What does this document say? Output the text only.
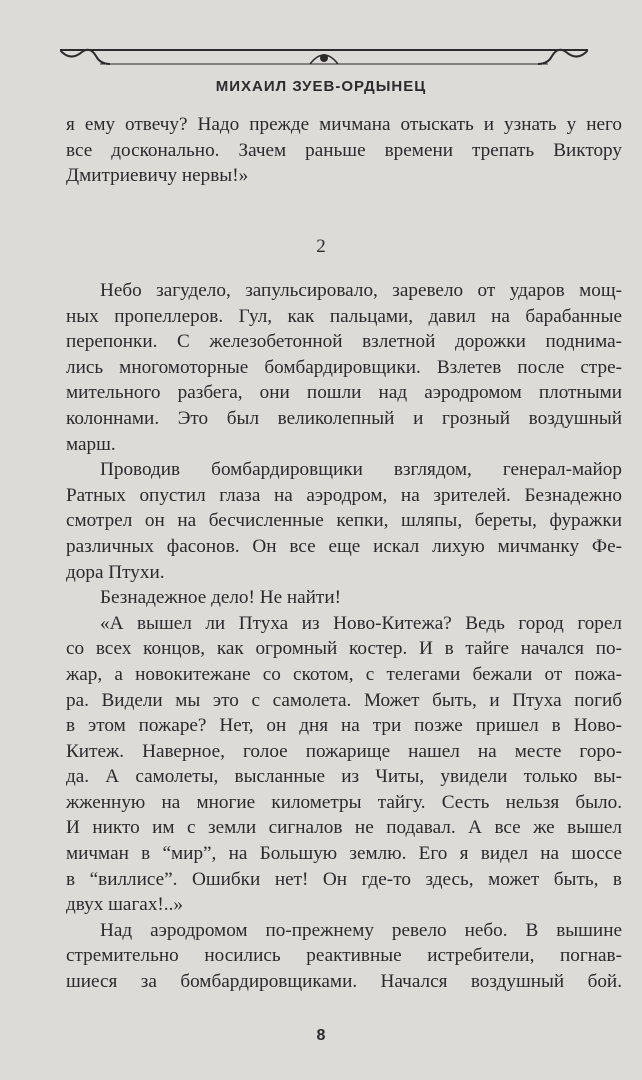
МИХАИЛ ЗУЕВ-ОРДЫНЕЦ
я ему отвечу? Надо прежде мичмана отыскать и узнать у него
все досконально. Зачем раньше времени трепать Виктору
Дмитриевичу нервы!»
2
Небо загудело, запульсировало, заревело от ударов мощ-
ных пропеллеров. Гул, как пальцами, давил на барабанные
перепонки. С железобетонной взлетной дорожки поднима-
лись многомоторные бомбардировщики. Взлетев после стре-
мительного разбега, они пошли над аэродромом плотными
колоннами. Это был великолепный и грозный воздушный
марш.
Проводив бомбардировщики взглядом, генерал-майор
Ратных опустил глаза на аэродром, на зрителей. Безнадежно
смотрел он на бесчисленные кепки, шляпы, береты, фуражки
различных фасонов. Он все еще искал лихую мичманку Фе-
дора Птухи.
Безнадежное дело! Не найти!
«А вышел ли Птуха из Ново-Китежа? Ведь город горел
со всех концов, как огромный костер. И в тайге начался по-
жар, а новокитежане со скотом, с телегами бежали от пожа-
ра. Видели мы это с самолета. Может быть, и Птуха погиб
в этом пожаре? Нет, он дня на три позже пришел в Ново-
Китеж. Наверное, голое пожарище нашел на месте горо-
да. А самолеты, высланные из Читы, увидели только вы-
жженную на многие километры тайгу. Сесть нельзя было.
И никто им с земли сигналов не подавал. А все же вышел
мичман в “мир”, на Большую землю. Его я видел на шоссе
в “виллисе”. Ошибки нет! Он где-то здесь, может быть, в
двух шагах!..»
Над аэродромом по-прежнему ревело небо. В вышине
стремительно носились реактивные истребители, погнав-
шиеся за бомбардировщиками. Начался воздушный бой.
8
